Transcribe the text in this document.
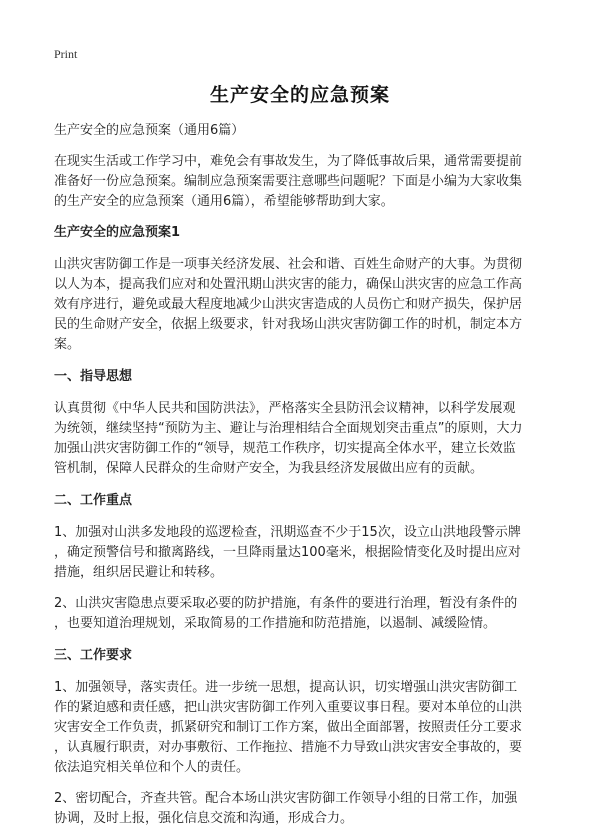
Print
生产安全的应急预案

生产安全的应急预案（通用6篇）

在现实生活或工作学习中，难免会有事故发生，为了降低事故后果，通常需要提前
准备好一份应急预案。编制应急预案需要注意哪些问题呢？下面是小编为大家收集
的生产安全的应急预案（通用6篇），希望能够帮助到大家。

生产安全的应急预案1

山洪灾害防御工作是一项事关经济发展、社会和谐、百姓生命财产的大事。为贯彻
以人为本，提高我们应对和处置汛期山洪灾害的能力，确保山洪灾害的应急工作高
效有序进行，避免或最大程度地减少山洪灾害造成的人员伤亡和财产损失，保护居
民的生命财产安全，依据上级要求，针对我场山洪灾害防御工作的时机，制定本方
案。

一、指导思想

认真贯彻《中华人民共和国防洪法》，严格落实全县防汛会议精神，以科学发展观
为统领，继续坚持“预防为主、避让与治理相结合全面规划突击重点”的原则，大力
加强山洪灾害防御工作的“领导，规范工作秩序，切实提高全体水平，建立长效监
管机制，保障人民群众的生命财产安全，为我县经济发展做出应有的贡献。

二、工作重点

1、加强对山洪多发地段的巡逻检查，汛期巡查不少于15次，设立山洪地段警示牌
，确定预警信号和撤离路线，一旦降雨量达100毫米，根据险情变化及时提出应对
措施，组织居民避让和转移。

2、山洪灾害隐患点要采取必要的防护措施，有条件的要进行治理，暂没有条件的
，也要知道治理规划，采取简易的工作措施和防范措施，以遏制、减缓险情。

三、工作要求

1、加强领导，落实责任。进一步统一思想，提高认识，切实增强山洪灾害防御工
作的紧迫感和责任感，把山洪灾害防御工作列入重要议事日程。要对本单位的山洪
灾害安全工作负责，抓紧研究和制订工作方案，做出全面部署，按照责任分工要求
，认真履行职责，对办事敷衍、工作拖拉、措施不力导致山洪灾害安全事故的，要
依法追究相关单位和个人的责任。

2、密切配合，齐查共管。配合本场山洪灾害防御工作领导小组的日常工作，加强
协调，及时上报，强化信息交流和沟通，形成合力。
